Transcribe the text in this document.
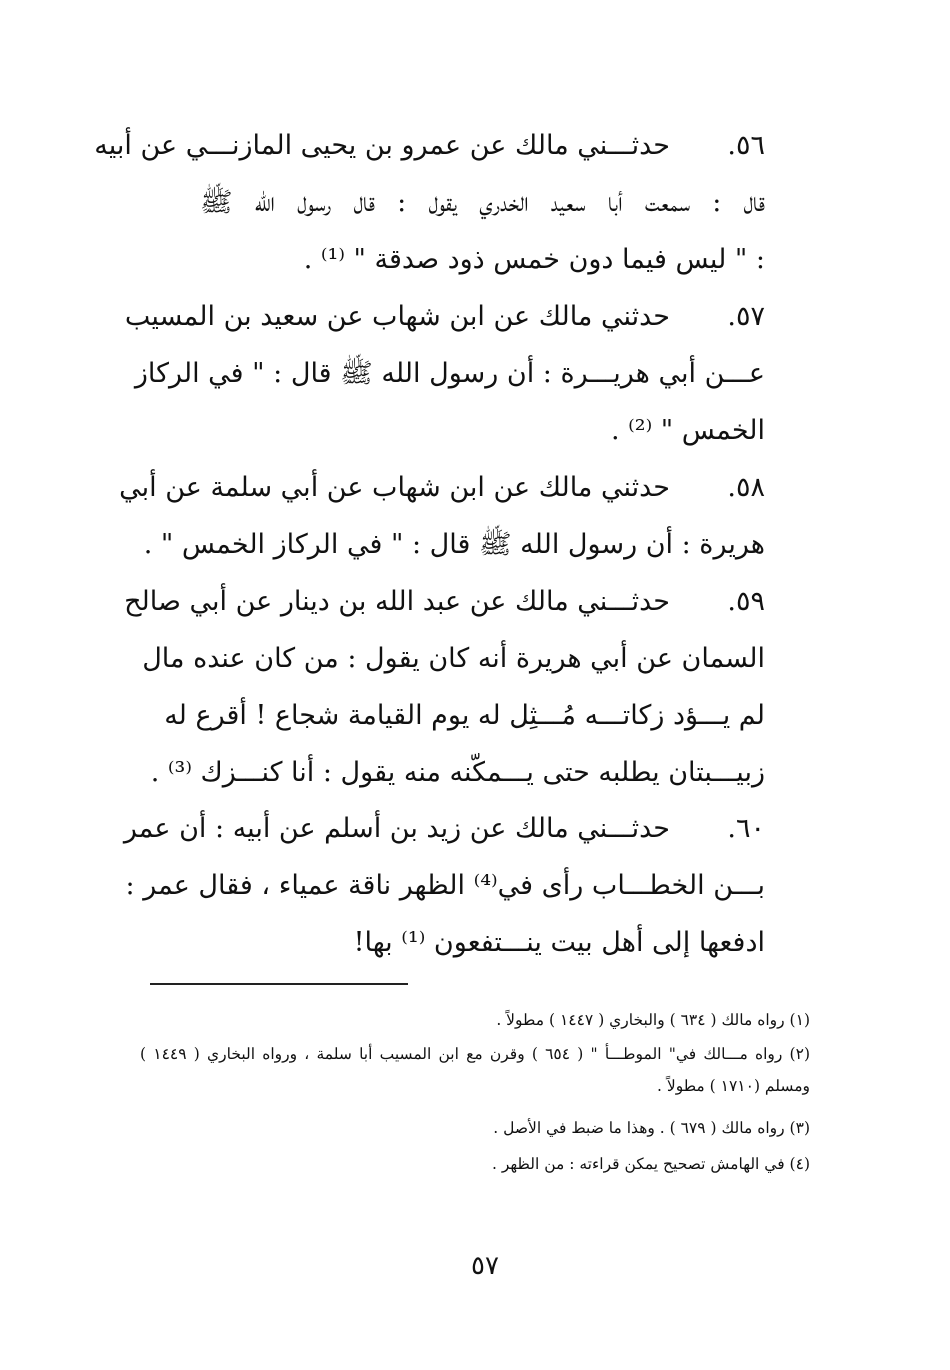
٥٦.
حدثـــني مالك عن عمرو بن يحيى المازنـــي عن أبيه
قال : سمعت أبا سعيد الخدري يقول : قال رسول الله ﷺ
: " ليس فيما دون خمس ذود صدقة " ⁽¹⁾ .
٥٧.
حدثني مالك عن ابن شهاب عن سعيد بن المسيب
عـــن أبي هريـــرة : أن رسول الله ﷺ قال : " في الركاز
الخمس " ⁽²⁾ .
٥٨.
حدثني مالك عن ابن شهاب عن أبي سلمة عن أبي
هريرة : أن رسول الله ﷺ قال : " في الركاز الخمس " .
٥٩.
حدثـــني مالك عن عبد الله بن دينار عن أبي صالح
السمان عن أبي هريرة أنه كان يقول : من كان عنده مال
لم يـــؤد زكاتـــه مُـــثِل له يوم القيامة شجاع ! أقرع له
زبيـــبتان يطلبه حتى يـــمكّنه منه يقول : أنا كنـــزك ⁽³⁾ .
٦٠.
حدثـــني مالك عن زيد بن أسلم عن أبيه : أن عمر
بـــن الخطـــاب رأى في⁽⁴⁾ الظهر ناقة عمياء ، فقال عمر :
ادفعها إلى أهل بيت ينـــتفعون ⁽¹⁾ بها!
(١) رواه مالك ( ٦٣٤ ) والبخاري ( ١٤٤٧ ) مطولاً .
(٢) رواه مـــالك في" الموطـــأ " ( ٦٥٤ ) وقرن مع ابن المسيب أبا سلمة ، ورواه البخاري ( ١٤٤٩ )
ومسلم (١٧١٠ ) مطولاً .
(٣) رواه مالك ( ٦٧٩ ) . وهذا ما ضبط في الأصل .
(٤) في الهامش تصحيح يمكن قراءته : من الظهر .
٥٧
